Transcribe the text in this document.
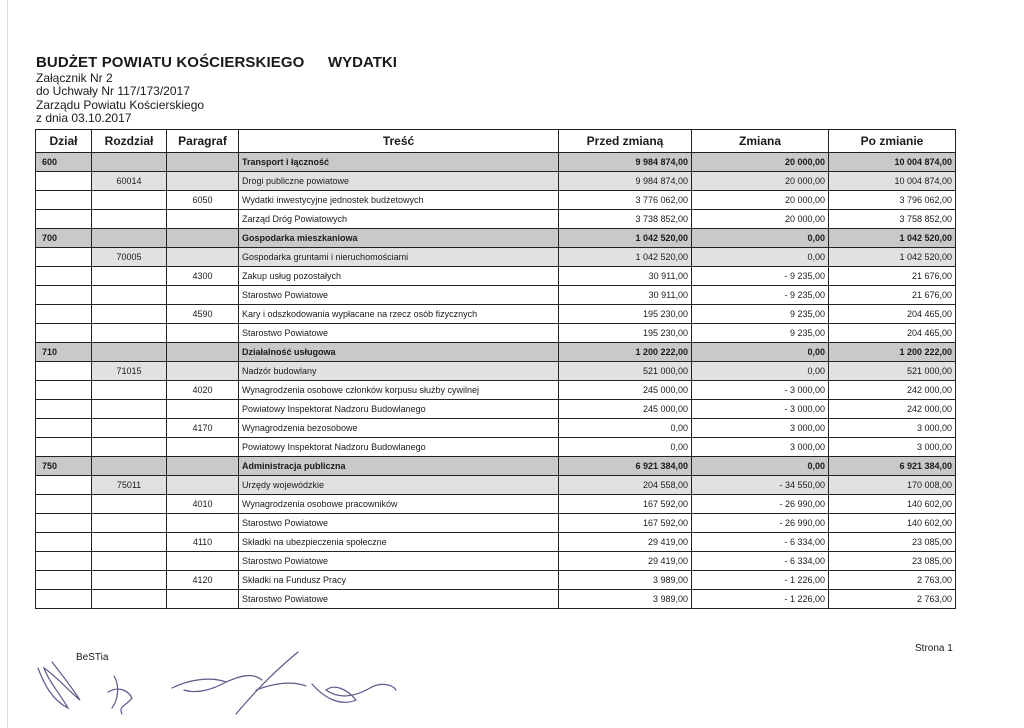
BUDŻET POWIATU KOŚCIERSKIEGO
Załącznik Nr 2
do Uchwały Nr 117/173/2017
Zarządu Powiatu Kościerskiego
z dnia 03.10.2017
WYDATKI
Dział	Rozdział	Paragraf	Treść	Przed zmianą	Zmiana	Po zmianie
600			Transport i łączność	9 984 874,00	20 000,00	10 004 874,00
	60014		Drogi publiczne powiatowe	9 984 874,00	20 000,00	10 004 874,00
		6050	Wydatki inwestycyjne jednostek budżetowych	3 776 062,00	20 000,00	3 796 062,00
			Zarząd Dróg Powiatowych	3 738 852,00	20 000,00	3 758 852,00
700			Gospodarka mieszkaniowa	1 042 520,00	0,00	1 042 520,00
	70005		Gospodarka gruntami i nieruchomościami	1 042 520,00	0,00	1 042 520,00
		4300	Zakup usług pozostałych	30 911,00	- 9 235,00	21 676,00
			Starostwo Powiatowe	30 911,00	- 9 235,00	21 676,00
		4590	Kary i odszkodowania wypłacane na rzecz osób fizycznych	195 230,00	9 235,00	204 465,00
			Starostwo Powiatowe	195 230,00	9 235,00	204 465,00
710			Działalność usługowa	1 200 222,00	0,00	1 200 222,00
	71015		Nadzór budowlany	521 000,00	0,00	521 000,00
		4020	Wynagrodzenia osobowe członków korpusu służby cywilnej	245 000,00	- 3 000,00	242 000,00
			Powiatowy Inspektorat Nadzoru Budowlanego	245 000,00	- 3 000,00	242 000,00
		4170	Wynagrodzenia bezosobowe	0,00	3 000,00	3 000,00
			Powiatowy Inspektorat Nadzoru Budowlanego	0,00	3 000,00	3 000,00
750			Administracja publiczna	6 921 384,00	0,00	6 921 384,00
	75011		Urzędy wojewódzkie	204 558,00	- 34 550,00	170 008,00
		4010	Wynagrodzenia osobowe pracowników	167 592,00	- 26 990,00	140 602,00
			Starostwo Powiatowe	167 592,00	- 26 990,00	140 602,00
		4110	Składki na ubezpieczenia społeczne	29 419,00	- 6 334,00	23 085,00
			Starostwo Powiatowe	29 419,00	- 6 334,00	23 085,00
		4120	Składki na Fundusz Pracy	3 989,00	- 1 226,00	2 763,00
			Starostwo Powiatowe	3 989,00	- 1 226,00	2 763,00
BeSTia
Strona 1
